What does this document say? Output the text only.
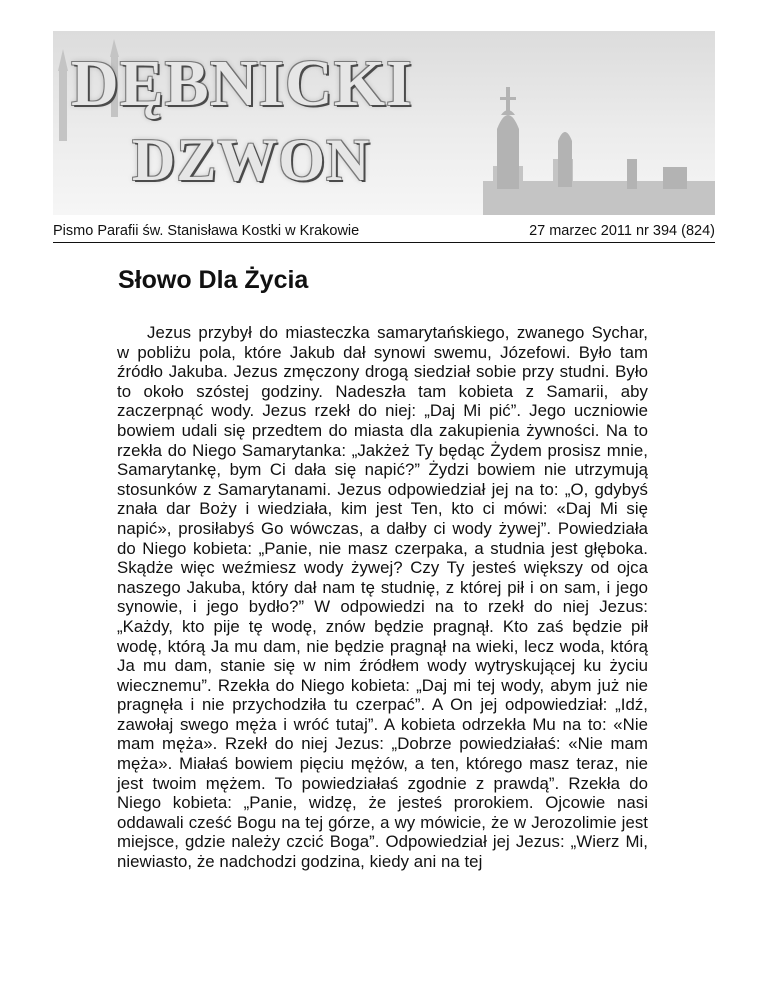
DĘBNICKI
DZWON
Pismo Parafii św. Stanisława Kostki w Krakowie	27 marzec 2011 nr 394 (824)
Słowo Dla Życia

Jezus przybył do miasteczka samarytańskiego, zwanego Sychar, w pobliżu pola, które Jakub dał synowi swemu, Józefowi. Było tam źródło Jakuba. Jezus zmęczony drogą siedział sobie przy studni. Było to około szóstej godziny. Nadeszła tam kobieta z Samarii, aby zaczerpnąć wody. Jezus rzekł do niej: „Daj Mi pić”. Jego uczniowie bowiem udali się przedtem do miasta dla zakupienia żywności. Na to rzekła do Niego Samarytanka: „Jakżeż Ty będąc Żydem prosisz mnie, Samarytankę, bym Ci dała się napić?” Żydzi bowiem nie utrzymują stosunków z Samarytanami. Jezus odpowiedział jej na to: „O, gdybyś znała dar Boży i wiedziała, kim jest Ten, kto ci mówi: «Daj Mi się napić», prosiłabyś Go wówczas, a dałby ci wody żywej”. Powiedziała do Niego kobieta: „Panie, nie masz czerpaka, a studnia jest głęboka. Skądże więc weźmiesz wody żywej? Czy Ty jesteś większy od ojca naszego Jakuba, który dał nam tę studnię, z której pił i on sam, i jego synowie, i jego bydło?” W odpowiedzi na to rzekł do niej Jezus: „Każdy, kto pije tę wodę, znów będzie pragnął. Kto zaś będzie pił wodę, którą Ja mu dam, nie będzie pragnął na wieki, lecz woda, którą Ja mu dam, stanie się w nim źródłem wody wytryskującej ku życiu wiecznemu”. Rzekła do Niego kobieta: „Daj mi tej wody, abym już nie pragnęła i nie przychodziła tu czerpać”. A On jej odpowiedział: „Idź, zawołaj swego męża i wróć tutaj”. A kobieta odrzekła Mu na to: «Nie mam męża». Rzekł do niej Jezus: „Dobrze powiedziałaś: «Nie mam męża». Miałaś bowiem pięciu mężów, a ten, którego masz teraz, nie jest twoim mężem. To powiedziałaś zgodnie z prawdą”. Rzekła do Niego kobieta: „Panie, widzę, że jesteś prorokiem. Ojcowie nasi oddawali cześć Bogu na tej górze, a wy mówicie, że w Jerozolimie jest miejsce, gdzie należy czcić Boga”. Odpowiedział jej Jezus: „Wierz Mi, niewiasto, że nadchodzi godzina, kiedy ani na tej
